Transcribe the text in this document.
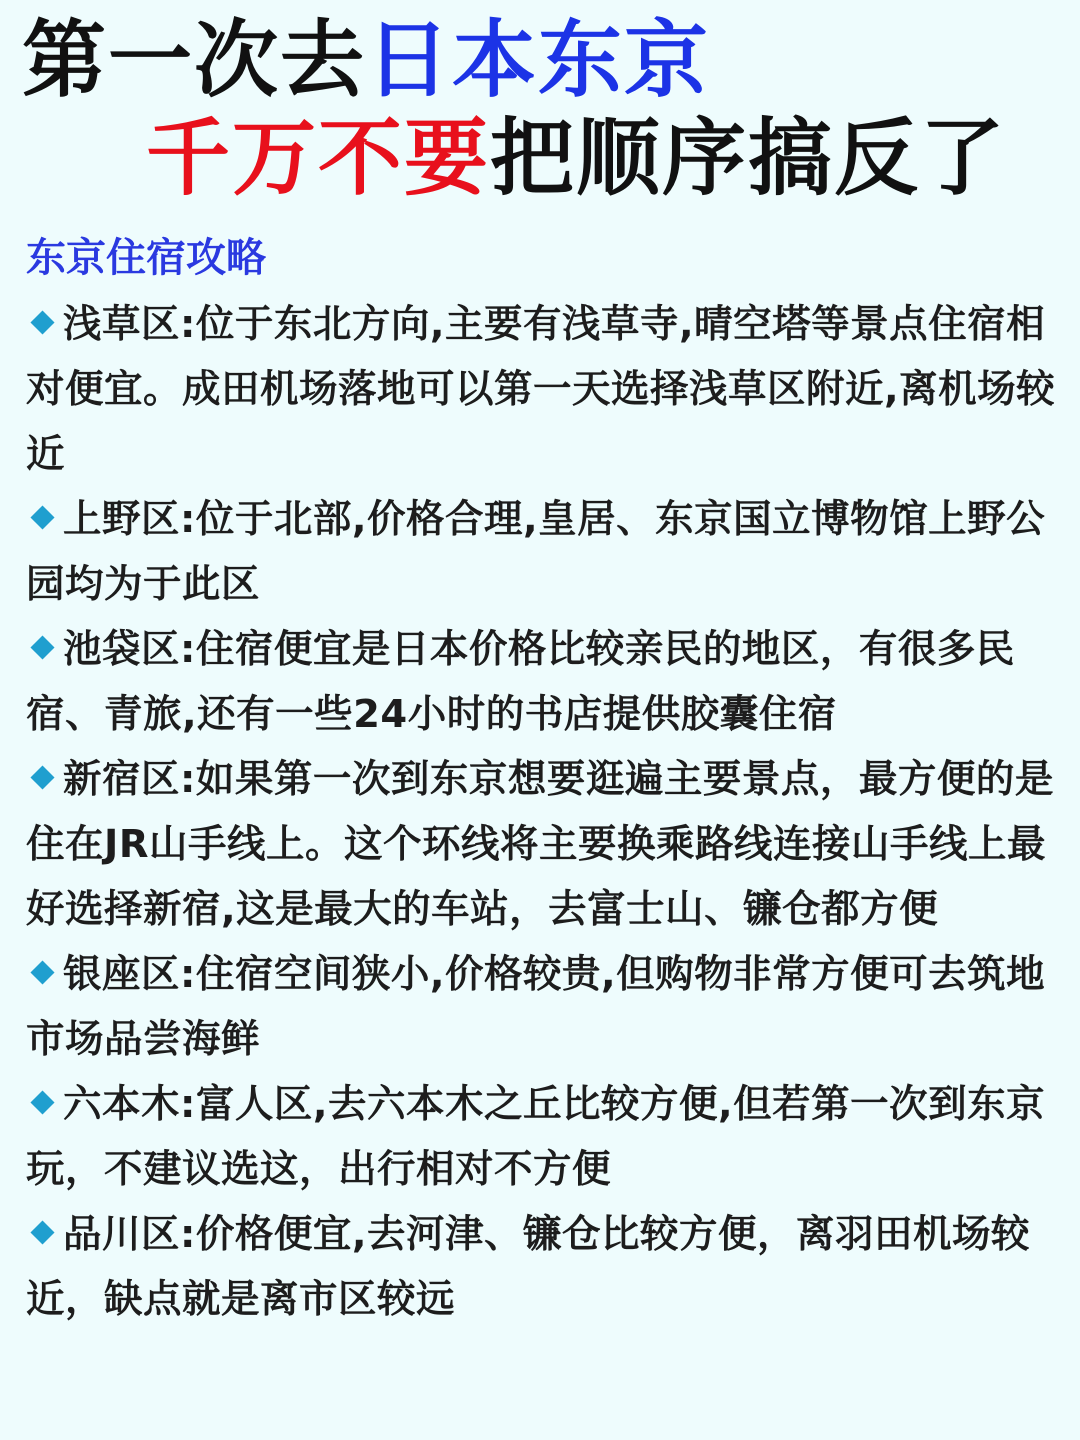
第一次去日本东京
千万不要把顺序搞反了
东京住宿攻略
浅草区:位于东北方向,主要有浅草寺,晴空塔等景点住宿相对便宜。成田机场落地可以第一天选择浅草区附近,离机场较近
上野区:位于北部,价格合理,皇居、东京国立博物馆上野公园均为于此区
池袋区:住宿便宜是日本价格比较亲民的地区，有很多民宿、青旅,还有一些24小时的书店提供胶囊住宿
新宿区:如果第一次到东京想要逛遍主要景点，最方便的是住在JR山手线上。这个环线将主要换乘路线连接山手线上最好选择新宿,这是最大的车站，去富士山、镰仓都方便
银座区:住宿空间狭小,价格较贵,但购物非常方便可去筑地市场品尝海鲜
六本木:富人区,去六本木之丘比较方便,但若第一次到东京玩，不建议选这，出行相对不方便
品川区:价格便宜,去河津、镰仓比较方便，离羽田机场较近，缺点就是离市区较远
